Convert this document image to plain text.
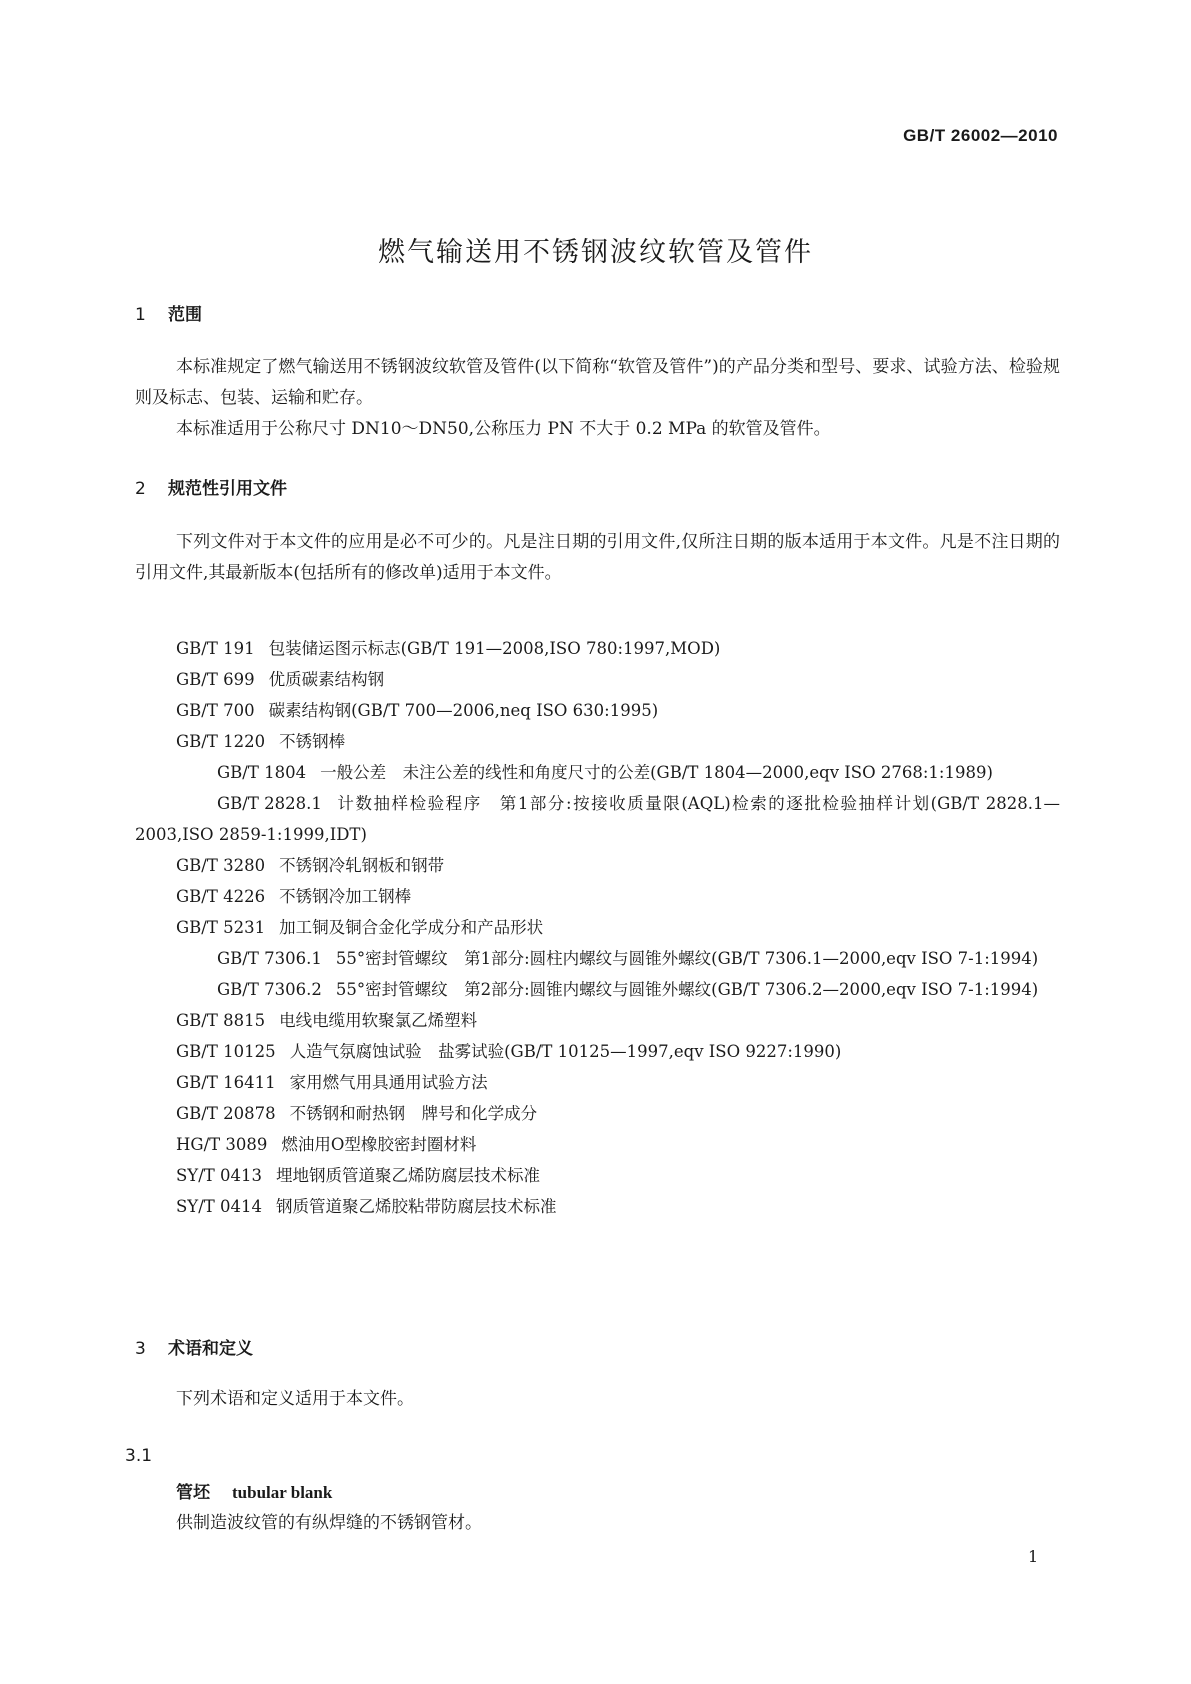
GB/T 26002—2010
燃气输送用不锈钢波纹软管及管件
1 范围
本标准规定了燃气输送用不锈钢波纹软管及管件(以下简称“软管及管件”)的产品分类和型号、要求、试验方法、检验规则及标志、包装、运输和贮存。
本标准适用于公称尺寸 DN10～DN50,公称压力 PN 不大于 0.2 MPa 的软管及管件。
2 规范性引用文件
下列文件对于本文件的应用是必不可少的。凡是注日期的引用文件,仅所注日期的版本适用于本文件。凡是不注日期的引用文件,其最新版本(包括所有的修改单)适用于本文件。
GB/T 191 包装储运图示标志(GB/T 191—2008,ISO 780:1997,MOD)
GB/T 699 优质碳素结构钢
GB/T 700 碳素结构钢(GB/T 700—2006,neq ISO 630:1995)
GB/T 1220 不锈钢棒
GB/T 1804 一般公差　未注公差的线性和角度尺寸的公差(GB/T 1804—2000,eqv ISO 2768:1:1989)
GB/T 2828.1 计数抽样检验程序　第1部分:按接收质量限(AQL)检索的逐批检验抽样计划(GB/T 2828.1—2003,ISO 2859-1:1999,IDT)
GB/T 3280 不锈钢冷轧钢板和钢带
GB/T 4226 不锈钢冷加工钢棒
GB/T 5231 加工铜及铜合金化学成分和产品形状
GB/T 7306.1 55°密封管螺纹　第1部分:圆柱内螺纹与圆锥外螺纹(GB/T 7306.1—2000,eqv ISO 7-1:1994)
GB/T 7306.2 55°密封管螺纹　第2部分:圆锥内螺纹与圆锥外螺纹(GB/T 7306.2—2000,eqv ISO 7-1:1994)
GB/T 8815 电线电缆用软聚氯乙烯塑料
GB/T 10125 人造气氛腐蚀试验　盐雾试验(GB/T 10125—1997,eqv ISO 9227:1990)
GB/T 16411 家用燃气用具通用试验方法
GB/T 20878 不锈钢和耐热钢　牌号和化学成分
HG/T 3089 燃油用O型橡胶密封圈材料
SY/T 0413 埋地钢质管道聚乙烯防腐层技术标准
SY/T 0414 钢质管道聚乙烯胶粘带防腐层技术标准
3 术语和定义
下列术语和定义适用于本文件。
3.1
管坯 tubular blank
供制造波纹管的有纵焊缝的不锈钢管材。
1
